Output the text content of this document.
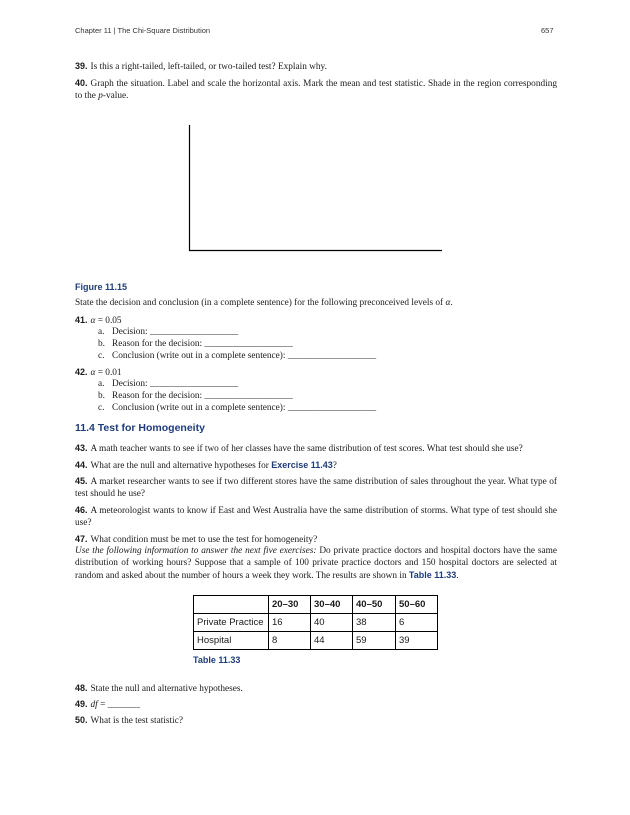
Chapter 11 | The Chi-Square Distribution	657
39. Is this a right-tailed, left-tailed, or two-tailed test? Explain why.
40. Graph the situation. Label and scale the horizontal axis. Mark the mean and test statistic. Shade in the region corresponding to the p-value.
Figure 11.15
State the decision and conclusion (in a complete sentence) for the following preconceived levels of α.
41. α = 0.05
a. Decision: ___________________
b. Reason for the decision: ___________________
c. Conclusion (write out in a complete sentence): ___________________
42. α = 0.01
a. Decision: ___________________
b. Reason for the decision: ___________________
c. Conclusion (write out in a complete sentence): ___________________
11.4 Test for Homogeneity
43. A math teacher wants to see if two of her classes have the same distribution of test scores. What test should she use?
44. What are the null and alternative hypotheses for Exercise 11.43?
45. A market researcher wants to see if two different stores have the same distribution of sales throughout the year. What type of test should he use?
46. A meteorologist wants to know if East and West Australia have the same distribution of storms. What type of test should she use?
47. What condition must be met to use the test for homogeneity?
Use the following information to answer the next five exercises: Do private practice doctors and hospital doctors have the same distribution of working hours? Suppose that a sample of 100 private practice doctors and 150 hospital doctors are selected at random and asked about the number of hours a week they work. The results are shown in Table 11.33.
	20–30	30–40	40–50	50–60
Private Practice	16	40	38	6
Hospital	8	44	59	39
Table 11.33
48. State the null and alternative hypotheses.
49. df = _______
50. What is the test statistic?
